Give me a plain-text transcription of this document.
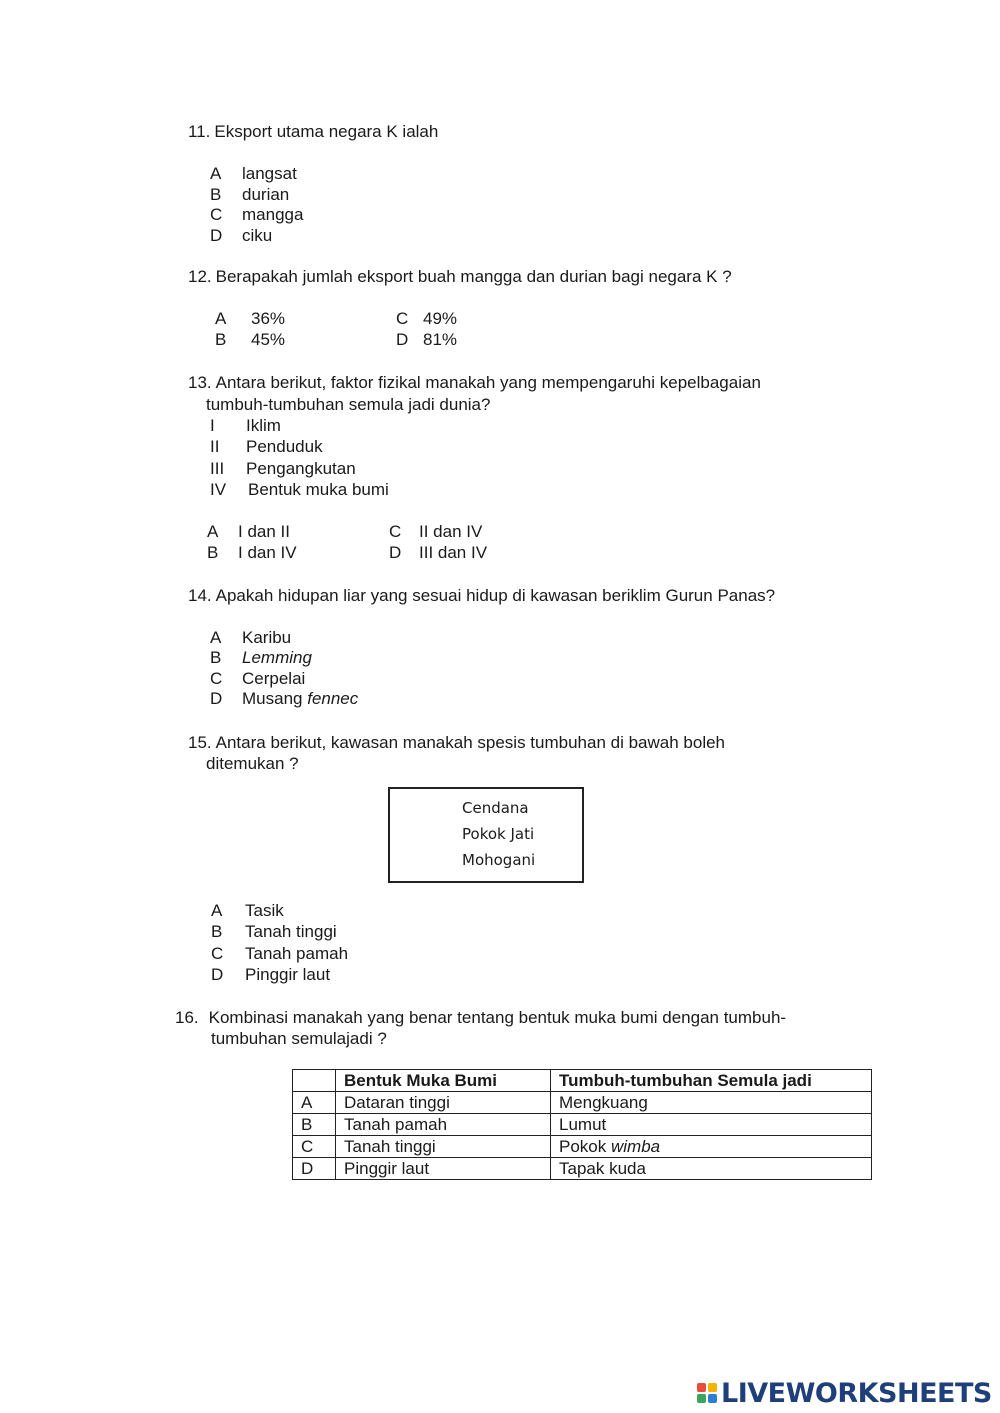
11. Eksport utama negara K ialah
A langsat
B durian
C mangga
D ciku
12. Berapakah jumlah eksport buah mangga dan durian bagi negara K ?
A 36%
B 45%
C 49%
D 81%
13. Antara berikut, faktor fizikal manakah yang mempengaruhi kepelbagaian
tumbuh-tumbuhan semula jadi dunia?
I Iklim
II Penduduk
III Pengangkutan
IV Bentuk muka bumi
A I dan II
B I dan IV
C II dan IV
D III dan IV
14. Apakah hidupan liar yang sesuai hidup di kawasan beriklim Gurun Panas?
A Karibu
B Lemming
C Cerpelai
D Musang fennec
15. Antara berikut, kawasan manakah spesis tumbuhan di bawah boleh
ditemukan ?
Cendana
Pokok Jati
Mohogani
A Tasik
B Tanah tinggi
C Tanah pamah
D Pinggir laut
16. Kombinasi manakah yang benar tentang bentuk muka bumi dengan tumbuh-
tumbuhan semulajadi ?
	Bentuk Muka Bumi	Tumbuh-tumbuhan Semula jadi
A	Dataran tinggi	Mengkuang
B	Tanah pamah	Lumut
C	Tanah tinggi	Pokok wimba
D	Pinggir laut	Tapak kuda
LIVEWORKSHEETS
